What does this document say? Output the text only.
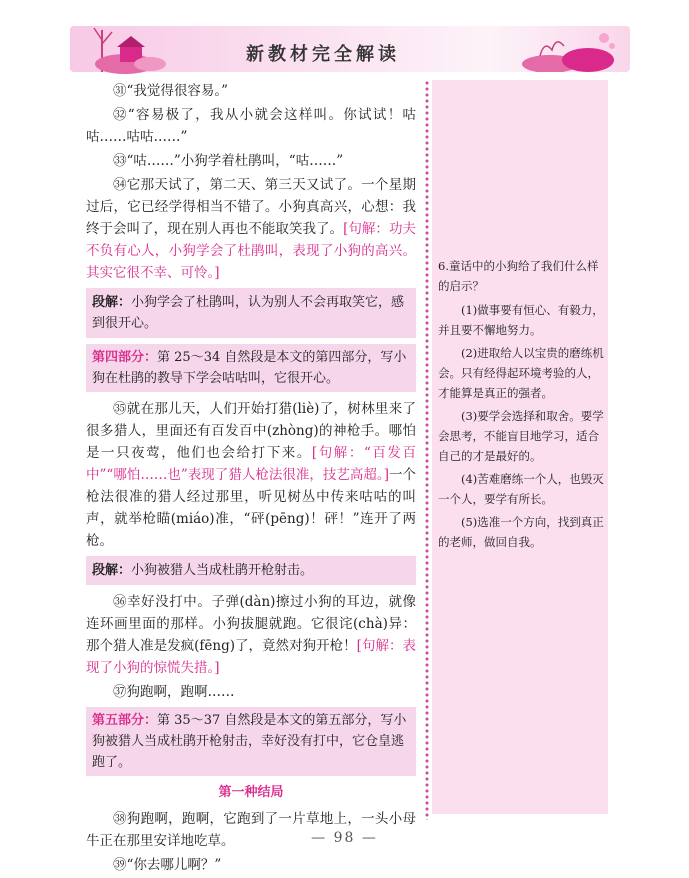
新教材完全解读

㉛“我觉得很容易。”

㉜“容易极了，我从小就会这样叫。你试试！咕咕……咕咕……”

㉝“咕……”小狗学着杜鹃叫，“咕……”

㉞它那天试了，第二天、第三天又试了。一个星期过后，它已经学得相当不错了。小狗真高兴，心想：我终于会叫了，现在别人再也不能取笑我了。[句解：功夫不负有心人，小狗学会了杜鹃叫，表现了小狗的高兴。其实它很不幸、可怜。]

段解：小狗学会了杜鹃叫，认为别人不会再取笑它，感到很开心。
第四部分：第 25～34 自然段是本文的第四部分，写小狗在杜鹃的教导下学会咕咕叫，它很开心。

㉟就在那儿天，人们开始打猎(liè)了，树林里来了很多猎人，里面还有百发百中(zhòng)的神枪手。哪怕是一只夜莺，他们也会给打下来。[句解：“百发百中”“哪怕……也”表现了猎人枪法很准，技艺高超。]一个枪法很准的猎人经过那里，听见树丛中传来咕咕的叫声，就举枪瞄(miáo)准，“砰(pēng)！砰！”连开了两枪。

段解：小狗被猎人当成杜鹃开枪射击。

㊱幸好没打中。子弹(dàn)擦过小狗的耳边，就像连环画里面的那样。小狗拔腿就跑。它很诧(chà)异：那个猎人准是发疯(fēng)了，竟然对狗开枪！[句解：表现了小狗的惊慌失措。]

㊲狗跑啊，跑啊……

第五部分：第 35～37 自然段是本文的第五部分，写小狗被猎人当成杜鹃开枪射击，幸好没有打中，它仓皇逃跑了。
第一种结局

㊳狗跑啊，跑啊，它跑到了一片草地上，一头小母牛正在那里安详地吃草。

㊴“你去哪儿啊？”

6.童话中的小狗给了我们什么样的启示？

(1)做事要有恒心、有毅力，并且要不懈地努力。

(2)进取给人以宝贵的磨练机会。只有经得起环境考验的人，才能算是真正的强者。

(3)要学会选择和取舍。要学会思考，不能盲目地学习，适合自己的才是最好的。

(4)苦难磨练一个人，也毁灭一个人，要学有所长。

(5)选准一个方向，找到真正的老师，做回自我。

— 98 —
